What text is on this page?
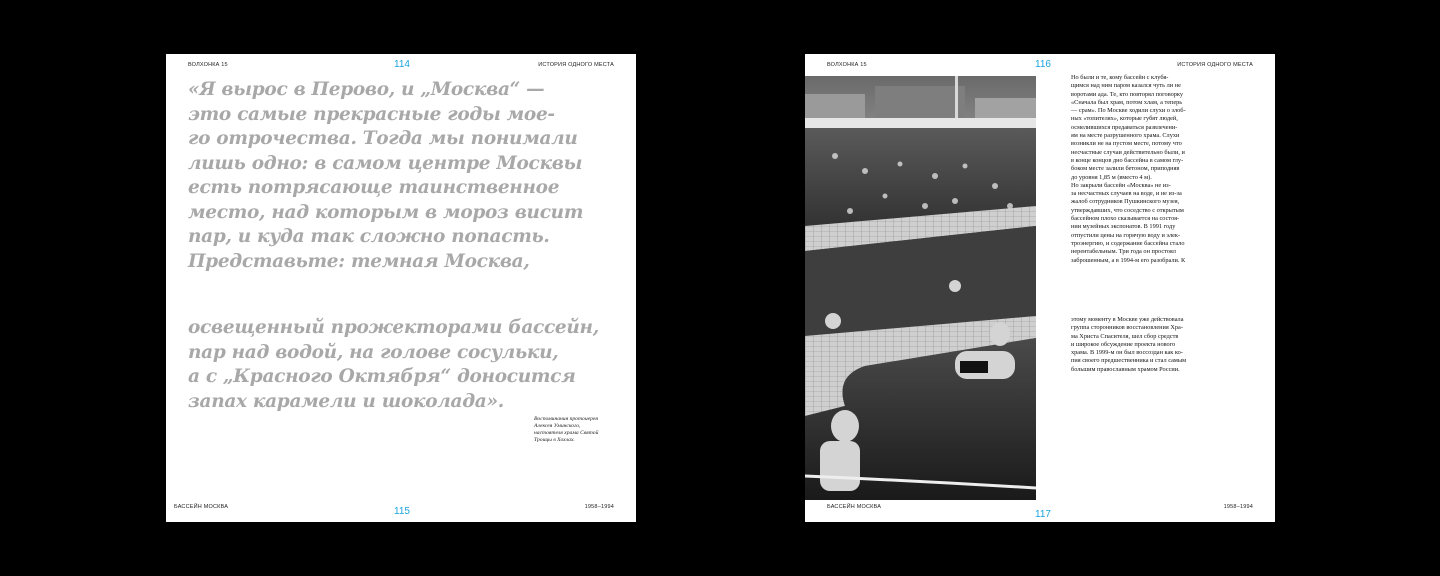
ВОЛХОНКА 15	114	ИСТОРИЯ ОДНОГО МЕСТА

«Я вырос в Перово, и „Москва“ —

это самые прекрасные годы мое-

го отрочества. Тогда мы понимали

лишь одно: в самом центре Москвы

есть потрясающе таинственное

место, над которым в мороз висит

пар, и куда так сложно попасть.

Представьте: темная Москва,

освещенный прожекторами бассейн,

пар над водой, на голове сосульки,

а с „Красного Октября“ доносится

запах карамели и шоколада».

Воспоминания протоиерея

Алексея Уминского,

настоятеля храма Святой

Троицы в Хохлах.

БАССЕЙН МОСКВА	115	1958–1994
ВОЛХОНКА 15	116	ИСТОРИЯ ОДНОГО МЕСТА

Но были и те, кому бассейн с клубя-

щимся над ним паром казался чуть ли не

воротами ада. Те, кто повторял поговорку

«Сначала был храм, потом хлам, а теперь

— срам». По Москве ходили слухи о злоб-

ных «топителях», которые губят людей,

осмелившихся предаваться развлечени-

ям на месте разрушенного храма. Слухи

возникли не на пустом месте, потому что

несчастные случаи действительно были, и

в конце концов дно бассейна в самом глу-

боком месте залили бетоном, приподняв

до уровня 1,85 м (вместо 4 м).

Но закрыли бассейн «Москва» не из-

за несчастных случаев на воде, и не из-за

жалоб сотрудников Пушкинского музея,

утверждавших, что соседство с открытым

бассейном плохо сказывается на состоя-

нии музейных экспонатов. В 1991 году

отпустили цены на горячую воду и элек-

троэнергию, и содержание бассейна стало

нерентабельным. Три года он простоял

заброшенным, а в 1994-м его разобрали. К

этому моменту в Москве уже действовала

группа сторонников восстановления Хра-

ма Христа Спасителя, шел сбор средств

и широкое обсуждение проекта нового

храма. В 1999-м он был воссоздан как ко-

пия своего предшественника и стал самым

большим православным храмом России.

БАССЕЙН МОСКВА
117
1958–1994
